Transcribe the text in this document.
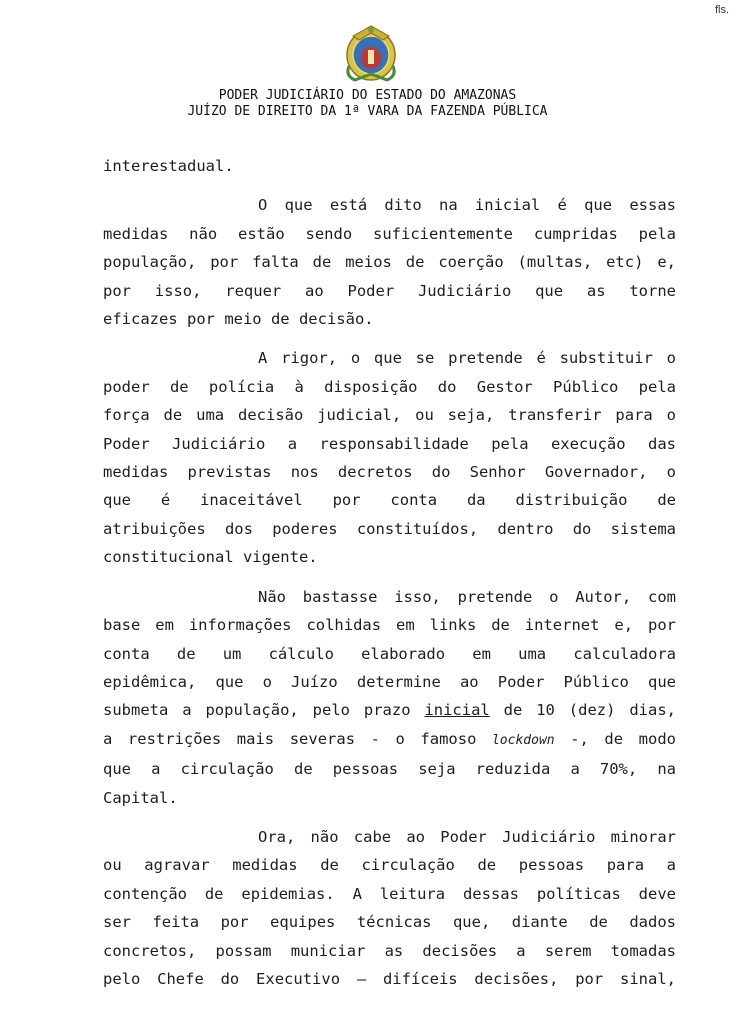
fls.
PODER JUDICIÁRIO DO ESTADO DO AMAZONAS
JUÍZO DE DIREITO DA 1ª VARA DA FAZENDA PÚBLICA
interestadual.
O que está dito na inicial é que essas
medidas não estão sendo suficientemente cumpridas pela
população, por falta de meios de coerção (multas, etc) e,
por isso, requer ao Poder Judiciário que as torne
eficazes por meio de decisão.
A rigor, o que se pretende é substituir o
poder de polícia à disposição do Gestor Público pela
força de uma decisão judicial, ou seja, transferir para o
Poder Judiciário a responsabilidade pela execução das
medidas previstas nos decretos do Senhor Governador, o
que é inaceitável por conta da distribuição de
atribuições dos poderes constituídos, dentro do sistema
constitucional vigente.
Não bastasse isso, pretende o Autor, com
base em informações colhidas em links de internet e, por
conta de um cálculo elaborado em uma calculadora
epidêmica, que o Juízo determine ao Poder Público que
submeta a população, pelo prazo inicial de 10 (dez) dias,
a restrições mais severas - o famoso lockdown -, de modo
que a circulação de pessoas seja reduzida a 70%, na
Capital.
Ora, não cabe ao Poder Judiciário minorar
ou agravar medidas de circulação de pessoas para a
contenção de epidemias. A leitura dessas políticas deve
ser feita por equipes técnicas que, diante de dados
concretos, possam municiar as decisões a serem tomadas
pelo Chefe do Executivo — difíceis decisões, por sinal,
